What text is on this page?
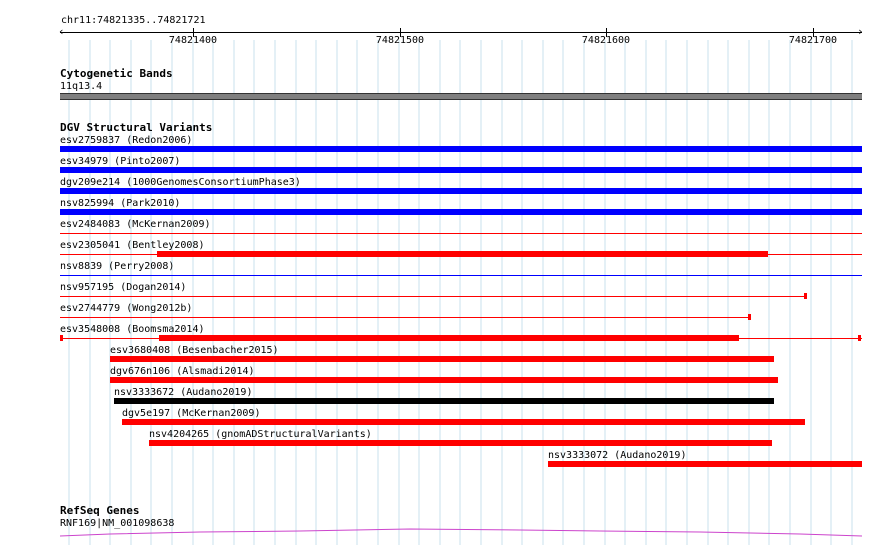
chr11:74821335..74821721
‹	›
74821400	74821500	74821600	74821700
Cytogenetic Bands
11q13.4
DGV Structural Variants
esv2759837 (Redon2006)
esv34979 (Pinto2007)
dgv209e214 (1000GenomesConsortiumPhase3)
nsv825994 (Park2010)
esv2484083 (McKernan2009)
esv2305041 (Bentley2008)
nsv8839 (Perry2008)
nsv957195 (Dogan2014)
esv2744779 (Wong2012b)
esv3548008 (Boomsma2014)
esv3680408 (Besenbacher2015)
dgv676n106 (Alsmadi2014)
nsv3333672 (Audano2019)
dgv5e197 (McKernan2009)
nsv4204265 (gnomADStructuralVariants)
nsv3333072 (Audano2019)
RefSeq Genes
RNF169|NM_001098638
